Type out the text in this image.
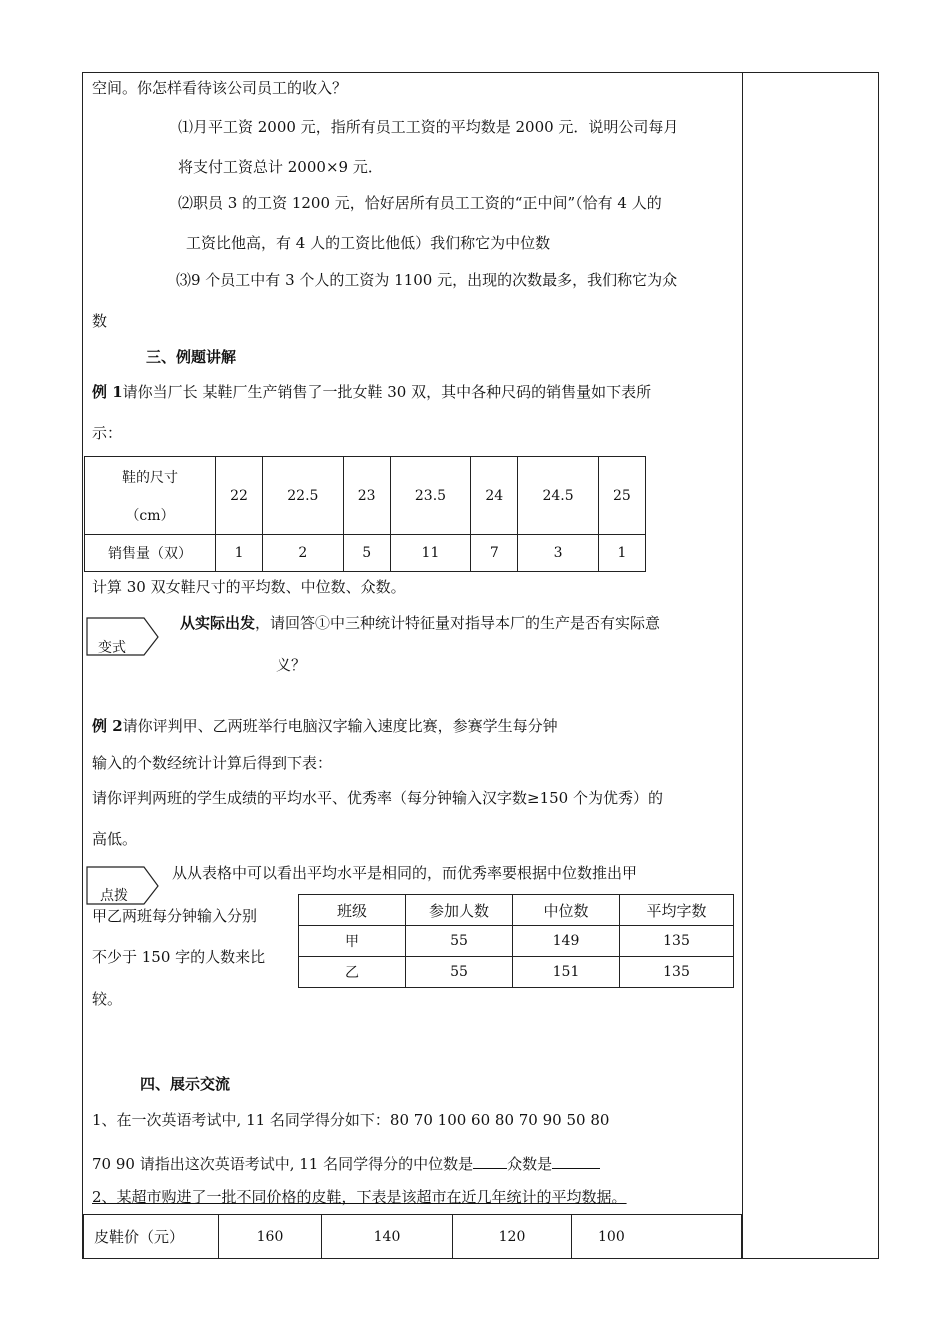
空间。你怎样看待该公司员工的收入？
⑴月平工资 2000 元，指所有员工工资的平均数是 2000 元．说明公司每月
将支付工资总计 2000×9 元．
⑵职员 3 的工资 1200 元，恰好居所有员工工资的“正中间”（恰有 4 人的
工资比他高，有 4 人的工资比他低）我们称它为中位数
⑶9 个员工中有 3 个人的工资为 1100 元，出现的次数最多，我们称它为众
数
三、例题讲解
例 1请你当厂长 某鞋厂生产销售了一批女鞋 30 双，其中各种尺码的销售量如下表所
示：
鞋的尺寸
（cm）	22	22.5	23	23.5	24	24.5	25
销售量（双）	1	2	5	11	7	3	1
计算 30 双女鞋尺寸的平均数、中位数、众数。
变式
从实际出发，请回答①中三种统计特征量对指导本厂的生产是否有实际意
义？
例 2请你评判甲、乙两班举行电脑汉字输入速度比赛，参赛学生每分钟
输入的个数经统计计算后得到下表：
请你评判两班的学生成绩的平均水平、优秀率（每分钟输入汉字数≥150 个为优秀）的
高低。
点拨
从从表格中可以看出平均水平是相同的，而优秀率要根据中位数推出甲
甲乙两班每分钟输入分别
不少于 150 字的人数来比
较。
班级	参加人数	中位数	平均字数
甲	55	149	135
乙	55	151	135
四、展示交流
1、在一次英语考试中, 11 名同学得分如下：80 70 100 60 80 70 90 50 80
70 90 请指出这次英语考试中, 11 名同学得分的中位数是 众数是
2、某超市购进了一批不同价格的皮鞋，下表是该超市在近几年统计的平均数据。
皮鞋价（元）	160	140	120	100
